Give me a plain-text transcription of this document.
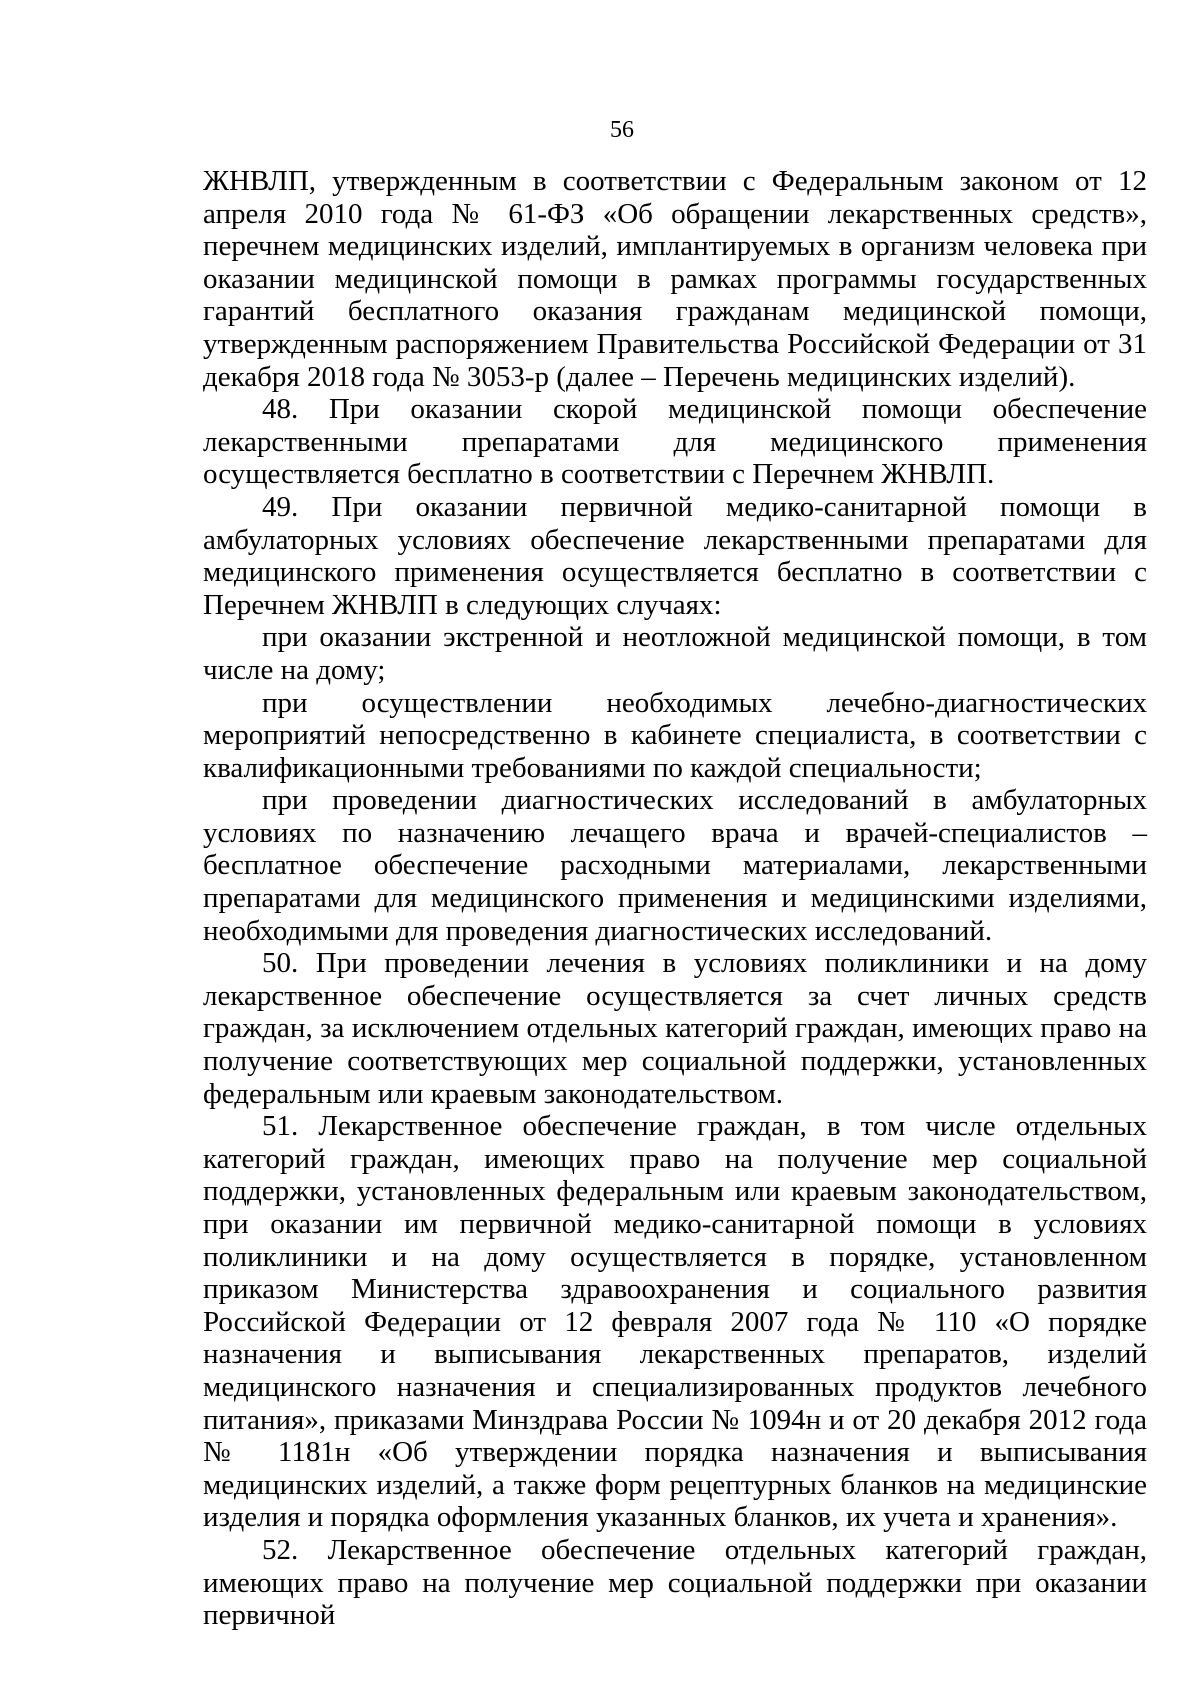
56

ЖНВЛП, утвержденным в соответствии с Федеральным законом от 12 апреля 2010 года № 61-ФЗ «Об обращении лекарственных средств», перечнем медицинских изделий, имплантируемых в организм человека при оказании медицинской помощи в рамках программы государственных гарантий бесплатного оказания гражданам медицинской помощи, утвержденным распоряжением Правительства Российской Федерации от 31 декабря 2018 года № 3053-р (далее – Перечень медицинских изделий).

48. При оказании скорой медицинской помощи обеспечение лекарственными препаратами для медицинского применения осуществляется бесплатно в соответствии с Перечнем ЖНВЛП.

49. При оказании первичной медико-санитарной помощи в амбулаторных условиях обеспечение лекарственными препаратами для медицинского применения осуществляется бесплатно в соответствии с Перечнем ЖНВЛП в следующих случаях:

при оказании экстренной и неотложной медицинской помощи, в том числе на дому;

при осуществлении необходимых лечебно-диагностических мероприятий непосредственно в кабинете специалиста, в соответствии с квалификационными требованиями по каждой специальности;

при проведении диагностических исследований в амбулаторных условиях по назначению лечащего врача и врачей-специалистов – бесплатное обеспечение расходными материалами, лекарственными препаратами для медицинского применения и медицинскими изделиями, необходимыми для проведения диагностических исследований.

50. При проведении лечения в условиях поликлиники и на дому лекарственное обеспечение осуществляется за счет личных средств граждан, за исключением отдельных категорий граждан, имеющих право на получение соответствующих мер социальной поддержки, установленных федеральным или краевым законодательством.

51. Лекарственное обеспечение граждан, в том числе отдельных категорий граждан, имеющих право на получение мер социальной поддержки, установленных федеральным или краевым законодательством, при оказании им первичной медико-санитарной помощи в условиях поликлиники и на дому осуществляется в порядке, установленном приказом Министерства здравоохранения и социального развития Российской Федерации от 12 февраля 2007 года № 110 «О порядке назначения и выписывания лекарственных препаратов, изделий медицинского назначения и специализированных продуктов лечебного питания», приказами Минздрава России № 1094н и от 20 декабря 2012 года № 1181н «Об утверждении порядка назначения и выписывания медицинских изделий, а также форм рецептурных бланков на медицинские изделия и порядка оформления указанных бланков, их учета и хранения».

52. Лекарственное обеспечение отдельных категорий граждан, имеющих право на получение мер социальной поддержки при оказании первичной
